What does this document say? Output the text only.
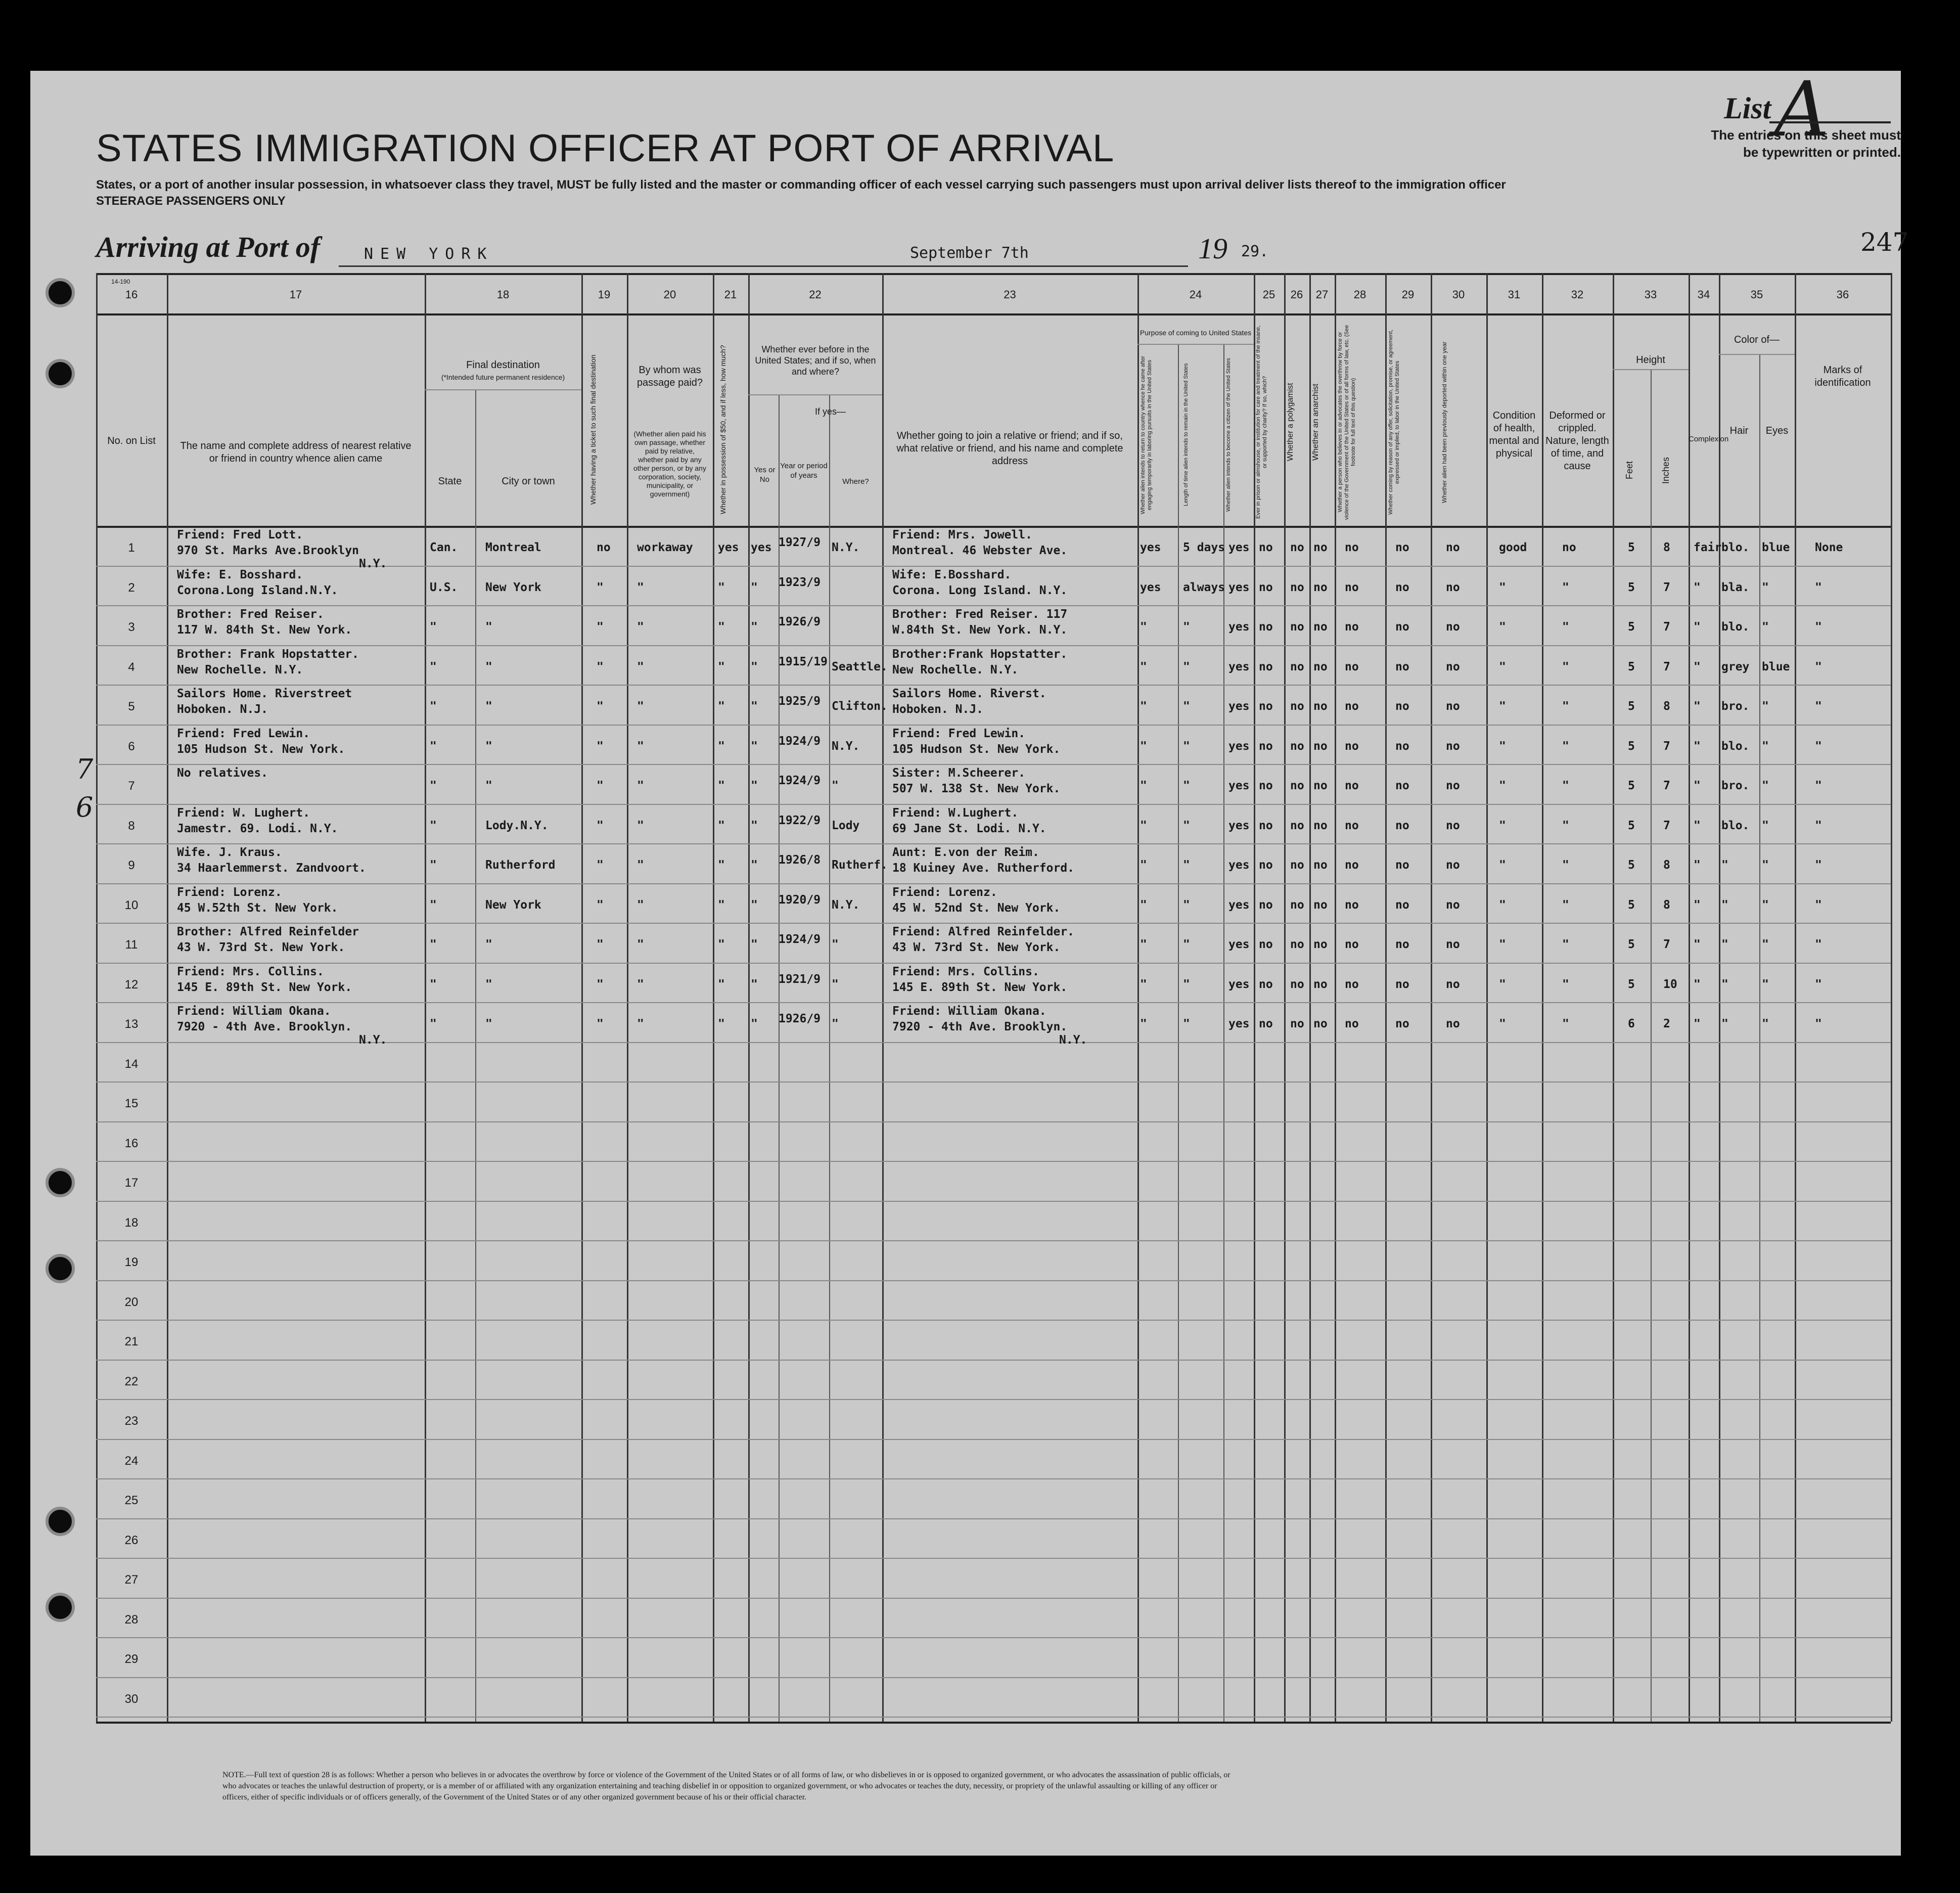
List A
The entries on this sheet must
be typewritten or printed.
STATES IMMIGRATION OFFICER AT PORT OF ARRIVAL
States, or a port of another insular possession, in whatsoever class they travel, MUST be fully listed and the master or commanding officer of each vessel carrying such passengers must upon arrival deliver lists thereof to the immigration officer
STEERAGE PASSENGERS ONLY
Arriving at Port of	NEW YORK	September 7th	19 29.	247
14-190
16	17	18	19	20	21	22	23	24	25	26	27	28	29	30	31	32	33	34	35	36
No. on List	The name and complete address of nearest relative or friend in country whence alien came
Final destination
(*Intended future permanent residence)
State	City or town	Whether having a ticket to such final destination	By whom was passage paid?
(Whether alien paid his own passage, whether paid by relative, whether paid by any other person, or by any corporation, society, municipality, or government)	Whether in possession of $50, and if less, how much?	Whether ever before in the United States; and if so, when and where?
Yes or No
If yes—
Year or period of years
Where?
Whether going to join a relative or friend; and if so, what relative or friend, and his name and complete address
Purpose of coming to United States
Whether alien intends to return to country whence he came after engaging temporarily in laboring pursuits in the United States	Length of time alien intends to remain in the United States	Whether alien intends to become a citizen of the United States	Ever in prison or almshouse, or institution for care and treatment of the insane, or supported by charity? If so, which?	Whether a polygamist	Whether an anarchist	Whether a person who believes in or advocates the overthrow by force or violence of the Government of the United States or of all forms of law, etc. (See footnote for full text of this question)	Whether coming by reason of any offer, solicitation, promise, or agreement, expressed or implied, to labor in the United States	Whether alien had been previously deported within one year	Condition of health, mental and physical
Deformed or crippled. Nature, length of time, and cause
Height
Feet	Inches
Complexion
Color of—
Hair	Eyes
Marks of identification
1
2
3
4
5
6
7
8
9
10
11
12
13
14
15
16
17
18
19
20
21
22
23
24
25
26
27
28
29
30
Friend: Fred Lott.
970 St. Marks Ave.Brooklyn
N.Y.
Can. Montreal	no workaway yes yes 1927/9 N.Y.
Friend: Mrs. Jowell.
Montreal. 46 Webster Ave.	yes 5 days yes no no no no	no	no	good	no	5 8 fair blo. blue None
Wife: E. Bosshard.
Corona.Long Island.N.Y.	U.S. New York	"	"	" " 1923/9
Wife: E.Bosshard.
Corona. Long Island. N.Y.	yes always yes no no no no	no	no	"	"	5 7 " bla. "	"
Brother: Fred Reiser.
117 W. 84th St. New York.	"	"	"	"	" " 1926/9
Brother: Fred Reiser. 117
W.84th St. New York. N.Y.	"	"	yes no no no no	no	no	"	"	5 7 " blo. "	"
Brother: Frank Hopstatter.
New Rochelle. N.Y.	"	"	"	"	" " 1915/19 Seattle.
Brother:Frank Hopstatter.
New Rochelle. N.Y.	"	"	yes no no no no	no	no	"	"	5 7 " grey blue "
Sailors Home. Riverstreet
Hoboken. N.J.	"	"	"	"	" " 1925/9 Clifton.
Sailors Home. Riverst.
Hoboken. N.J.	"	"	yes no no no no	no	no	"	"	5 8 " bro. "	"
Friend: Fred Lewin.
105 Hudson St. New York.	"	"	"	"	" " 1924/9 N.Y.
Friend: Fred Lewin.
105 Hudson St. New York.	"	"	yes no no no no	no	no	"	"	5 7 " blo. "	"
No relatives.
"	"	"	"	" " 1924/9 "
Sister: M.Scheerer.
507 W. 138 St. New York.	"	"	yes no no no no	no	no	"	"	5 7 " bro. "	"
Friend: W. Lughert.
Jamestr. 69. Lodi. N.Y.	"	Lody.N.Y.	"	"	" " 1922/9 Lody
Friend: W.Lughert.
69 Jane St. Lodi. N.Y.	"	"	yes no no no no	no	no	"	"	5 7 " blo. "	"
Wife. J. Kraus.
34 Haarlemmerst. Zandvoort.	"	Rutherford	"	"	" " 1926/8 Rutherf.
Aunt: E.von der Reim.
18 Kuiney Ave. Rutherford.	"	"	yes no no no no	no	no	"	"	5 8 " "	"	"
Friend: Lorenz.
45 W.52th St. New York.	"	New York	"	"	" " 1920/9 N.Y.
Friend: Lorenz.
45 W. 52nd St. New York.	"	"	yes no no no no	no	no	"	"	5 8 " "	"	"
Brother: Alfred Reinfelder
43 W. 73rd St. New York.	"	"	"	"	" " 1924/9 "
Friend: Alfred Reinfelder.
43 W. 73rd St. New York.	"	"	yes no no no no	no	no	"	"	5 7 " "	"	"
Friend: Mrs. Collins.
145 E. 89th St. New York.	"	"	"	"	" " 1921/9 "
Friend: Mrs. Collins.
145 E. 89th St. New York.	"	"	yes no no no no	no	no	"	"	5 10 " "	"	"
Friend: William Okana.
7920 - 4th Ave. Brooklyn.
N.Y.
"	"	"	"	" " 1926/9 "
Friend: William Okana.
7920 - 4th Ave. Brooklyn.
N.Y.
"	"	yes no no no no	no	no	"	"	6 2 " "	"	"
7
6
NOTE.—Full text of question 28 is as follows: Whether a person who believes in or advocates the overthrow by force or violence of the Government of the United States or of all forms of law, or who disbelieves in or is opposed to organized government, or who advocates the assassination of public officials, or who advocates or teaches the unlawful destruction of property, or is a member of or affiliated with any organization entertaining and teaching disbelief in or opposition to organized government, or who advocates or teaches the duty, necessity, or propriety of the unlawful assaulting or killing of any officer or officers, either of specific individuals or of officers generally, of the Government of the United States or of any other organized government because of his or their official character.
